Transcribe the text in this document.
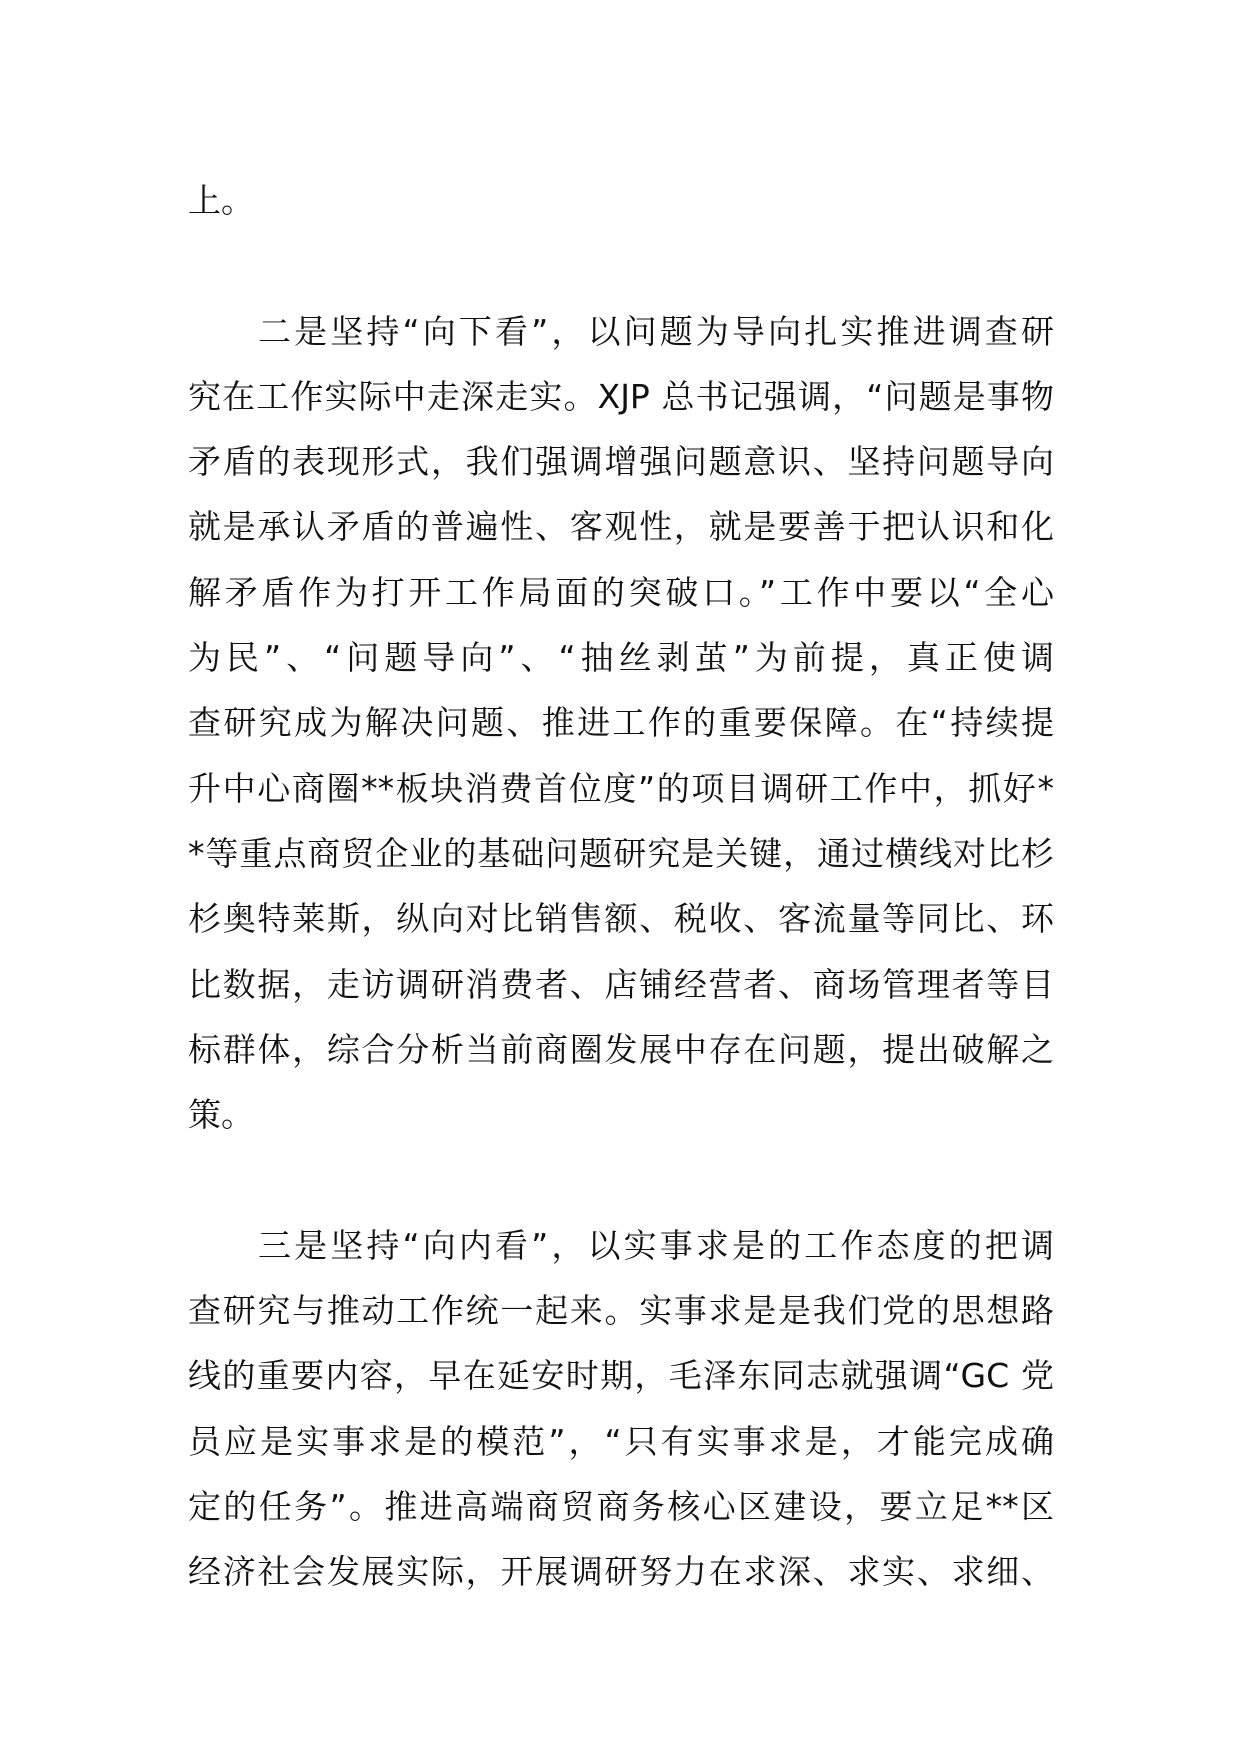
上。
二是坚持“向下看”，以问题为导向扎实推进调查研
究在工作实际中走深走实。XJP 总书记强调，“问题是事物
矛盾的表现形式，我们强调增强问题意识、坚持问题导向
就是承认矛盾的普遍性、客观性，就是要善于把认识和化
解矛盾作为打开工作局面的突破口。”工作中要以“全心
为民”、“问题导向”、“抽丝剥茧”为前提，真正使调
查研究成为解决问题、推进工作的重要保障。在“持续提
升中心商圈**板块消费首位度”的项目调研工作中，抓好*
*等重点商贸企业的基础问题研究是关键，通过横线对比杉
杉奥特莱斯，纵向对比销售额、税收、客流量等同比、环
比数据，走访调研消费者、店铺经营者、商场管理者等目
标群体，综合分析当前商圈发展中存在问题，提出破解之
策。
三是坚持“向内看”，以实事求是的工作态度的把调
查研究与推动工作统一起来。实事求是是我们党的思想路
线的重要内容，早在延安时期，毛泽东同志就强调“GC 党
员应是实事求是的模范”，“只有实事求是，才能完成确
定的任务”。推进高端商贸商务核心区建设，要立足**区
经济社会发展实际，开展调研努力在求深、求实、求细、
